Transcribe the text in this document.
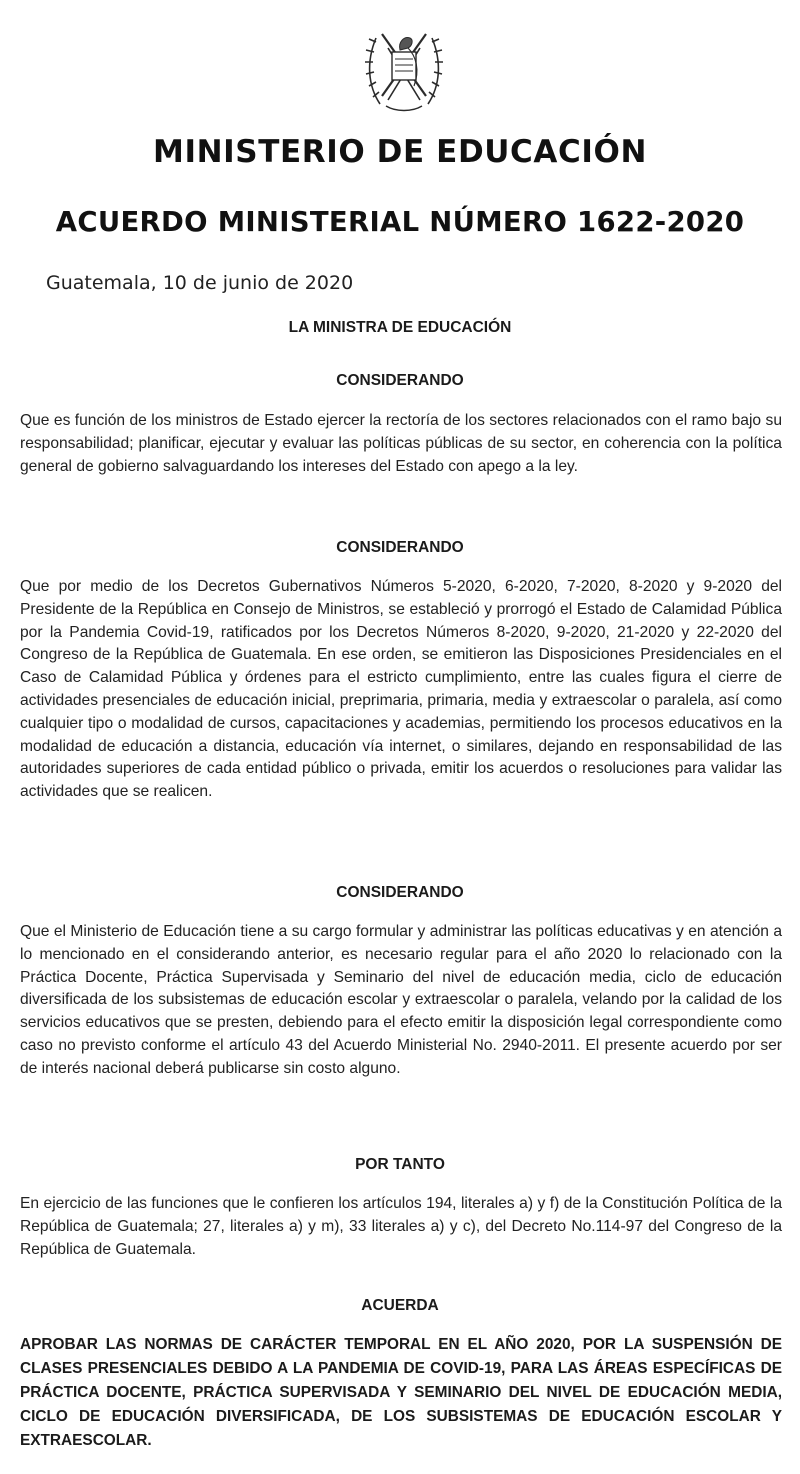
MINISTERIO DE EDUCACIÓN
ACUERDO MINISTERIAL NÚMERO 1622-2020
Guatemala, 10 de junio de 2020
LA MINISTRA DE EDUCACIÓN
CONSIDERANDO
Que es función de los ministros de Estado ejercer la rectoría de los sectores relacionados con el ramo bajo su responsabilidad; planificar, ejecutar y evaluar las políticas públicas de su sector, en coherencia con la política general de gobierno salvaguardando los intereses del Estado con apego a la ley.
CONSIDERANDO
Que por medio de los Decretos Gubernativos Números 5-2020, 6-2020, 7-2020, 8-2020 y 9-2020 del Presidente de la República en Consejo de Ministros, se estableció y prorrogó el Estado de Calamidad Pública por la Pandemia Covid-19, ratificados por los Decretos Números 8-2020, 9-2020, 21-2020 y 22-2020 del Congreso de la República de Guatemala. En ese orden, se emitieron las Disposiciones Presidenciales en el Caso de Calamidad Pública y órdenes para el estricto cumplimiento, entre las cuales figura el cierre de actividades presenciales de educación inicial, preprimaria, primaria, media y extraescolar o paralela, así como cualquier tipo o modalidad de cursos, capacitaciones y academias, permitiendo los procesos educativos en la modalidad de educación a distancia, educación vía internet, o similares, dejando en responsabilidad de las autoridades superiores de cada entidad público o privada, emitir los acuerdos o resoluciones para validar las actividades que se realicen.
CONSIDERANDO
Que el Ministerio de Educación tiene a su cargo formular y administrar las políticas educativas y en atención a lo mencionado en el considerando anterior, es necesario regular para el año 2020 lo relacionado con la Práctica Docente, Práctica Supervisada y Seminario del nivel de educación media, ciclo de educación diversificada de los subsistemas de educación escolar y extraescolar o paralela, velando por la calidad de los servicios educativos que se presten, debiendo para el efecto emitir la disposición legal correspondiente como caso no previsto conforme el artículo 43 del Acuerdo Ministerial No. 2940-2011. El presente acuerdo por ser de interés nacional deberá publicarse sin costo alguno.
POR TANTO
En ejercicio de las funciones que le confieren los artículos 194, literales a) y f) de la Constitución Política de la República de Guatemala; 27, literales a) y m), 33 literales a) y c), del Decreto No.114-97 del Congreso de la República de Guatemala.
ACUERDA
APROBAR LAS NORMAS DE CARÁCTER TEMPORAL EN EL AÑO 2020, POR LA SUSPENSIÓN DE CLASES PRESENCIALES DEBIDO A LA PANDEMIA DE COVID-19, PARA LAS ÁREAS ESPECÍFICAS DE PRÁCTICA DOCENTE, PRÁCTICA SUPERVISADA Y SEMINARIO DEL NIVEL DE EDUCACIÓN MEDIA, CICLO DE EDUCACIÓN DIVERSIFICADA, DE LOS SUBSISTEMAS DE EDUCACIÓN ESCOLAR Y EXTRAESCOLAR.
